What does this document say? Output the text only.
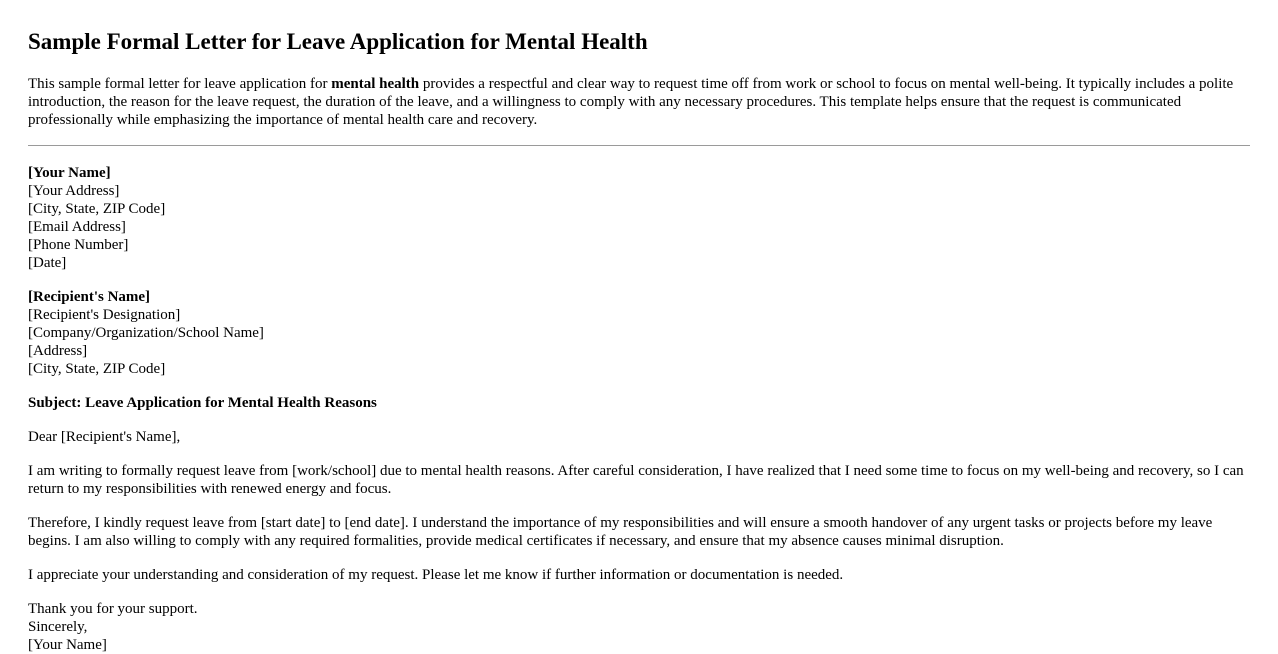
Sample Formal Letter for Leave Application for Mental Health

This sample formal letter for leave application for mental health provides a respectful and clear way to request time off from work or school to focus on mental well-being. It typically includes a polite introduction, the reason for the leave request, the duration of the leave, and a willingness to comply with any necessary procedures. This template helps ensure that the request is communicated professionally while emphasizing the importance of mental health care and recovery.

[Your Name]
[Your Address]
[City, State, ZIP Code]
[Email Address]
[Phone Number]
[Date]
[Recipient's Name]
[Recipient's Designation]
[Company/Organization/School Name]
[Address]
[City, State, ZIP Code]

Subject: Leave Application for Mental Health Reasons

Dear [Recipient's Name],

I am writing to formally request leave from [work/school] due to mental health reasons. After careful consideration, I have realized that I need some time to focus on my well-being and recovery, so I can return to my responsibilities with renewed energy and focus.

Therefore, I kindly request leave from [start date] to [end date]. I understand the importance of my responsibilities and will ensure a smooth handover of any urgent tasks or projects before my leave begins. I am also willing to comply with any required formalities, provide medical certificates if necessary, and ensure that my absence causes minimal disruption.

I appreciate your understanding and consideration of my request. Please let me know if further information or documentation is needed.

Thank you for your support.
Sincerely,
[Your Name]
